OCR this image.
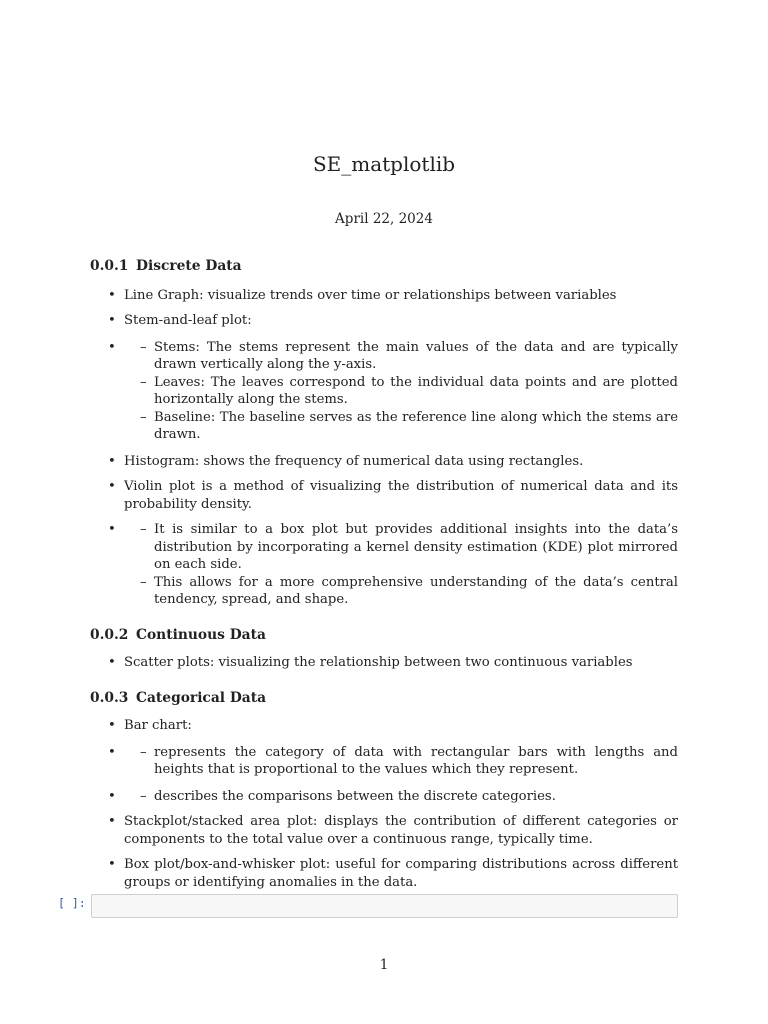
SE_matplotlib
April 22, 2024
0.0.1 Discrete Data
• Line Graph: visualize trends over time or relationships between variables
• Stem-and-leaf plot:
– • Stems: The stems represent the main values of the data and are typically drawn vertically along the y-axis.
– Leaves: The leaves correspond to the individual data points and are plotted horizontally along the stems.
– Baseline: The baseline serves as the reference line along which the stems are drawn.
• Histogram: shows the frequency of numerical data using rectangles.
• Violin plot is a method of visualizing the distribution of numerical data and its probability density.
– • It is similar to a box plot but provides additional insights into the data’s distribution by incorporating a kernel density estimation (KDE) plot mirrored on each side.
– This allows for a more comprehensive understanding of the data’s central tendency, spread, and shape.
0.0.2 Continuous Data
• Scatter plots: visualizing the relationship between two continuous variables
0.0.3 Categorical Data
• Bar chart:
– • represents the category of data with rectangular bars with lengths and heights that is proportional to the values which they represent.
– • describes the comparisons between the discrete categories.
• Stackplot/stacked area plot: displays the contribution of different categories or components to the total value over a continuous range, typically time.
• Box plot/box-and-whisker plot: useful for comparing distributions across different groups or identifying anomalies in the data.
•
[ ]:
1
